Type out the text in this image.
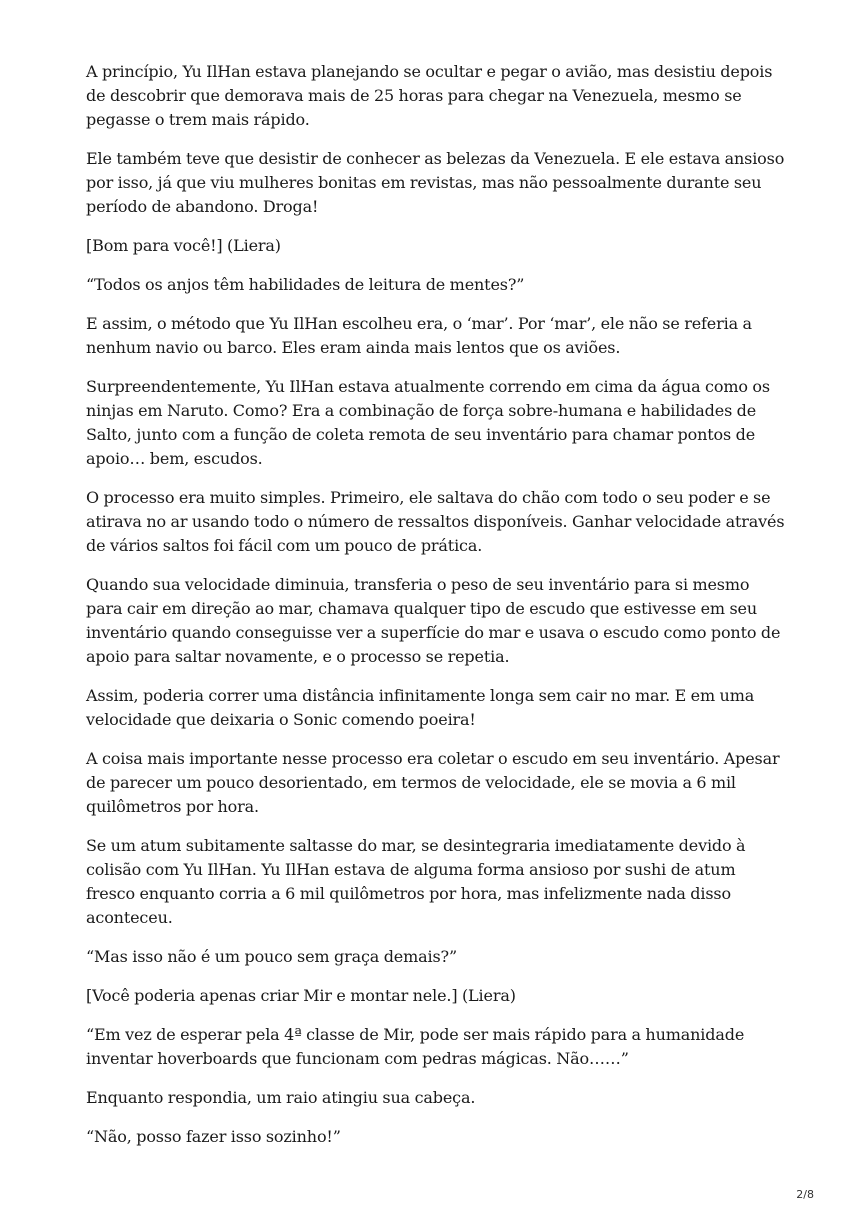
A princípio, Yu IlHan estava planejando se ocultar e pegar o avião, mas desistiu depois de descobrir que demorava mais de 25 horas para chegar na Venezuela, mesmo se pegasse o trem mais rápido.

Ele também teve que desistir de conhecer as belezas da Venezuela. E ele estava ansioso por isso, já que viu mulheres bonitas em revistas, mas não pessoalmente durante seu período de abandono. Droga!

[Bom para você!] (Liera)

“Todos os anjos têm habilidades de leitura de mentes?”

E assim, o método que Yu IlHan escolheu era, o ‘mar’. Por ‘mar’, ele não se referia a nenhum navio ou barco. Eles eram ainda mais lentos que os aviões.

Surpreendentemente, Yu IlHan estava atualmente correndo em cima da água como os ninjas em Naruto. Como? Era a combinação de força sobre-humana e habilidades de Salto, junto com a função de coleta remota de seu inventário para chamar pontos de apoio… bem, escudos.

O processo era muito simples. Primeiro, ele saltava do chão com todo o seu poder e se atirava no ar usando todo o número de ressaltos disponíveis. Ganhar velocidade através de vários saltos foi fácil com um pouco de prática.

Quando sua velocidade diminuia, transferia o peso de seu inventário para si mesmo para cair em direção ao mar, chamava qualquer tipo de escudo que estivesse em seu inventário quando conseguisse ver a superfície do mar e usava o escudo como ponto de apoio para saltar novamente, e o processo se repetia.

Assim, poderia correr uma distância infinitamente longa sem cair no mar. E em uma velocidade que deixaria o Sonic comendo poeira!

A coisa mais importante nesse processo era coletar o escudo em seu inventário. Apesar de parecer um pouco desorientado, em termos de velocidade, ele se movia a 6 mil quilômetros por hora.

Se um atum subitamente saltasse do mar, se desintegraria imediatamente devido à colisão com Yu IlHan. Yu IlHan estava de alguma forma ansioso por sushi de atum fresco enquanto corria a 6 mil quilômetros por hora, mas infelizmente nada disso aconteceu.

“Mas isso não é um pouco sem graça demais?”

[Você poderia apenas criar Mir e montar nele.] (Liera)

“Em vez de esperar pela 4ª classe de Mir, pode ser mais rápido para a humanidade inventar hoverboards que funcionam com pedras mágicas. Não……”

Enquanto respondia, um raio atingiu sua cabeça.

“Não, posso fazer isso sozinho!”

2/8
